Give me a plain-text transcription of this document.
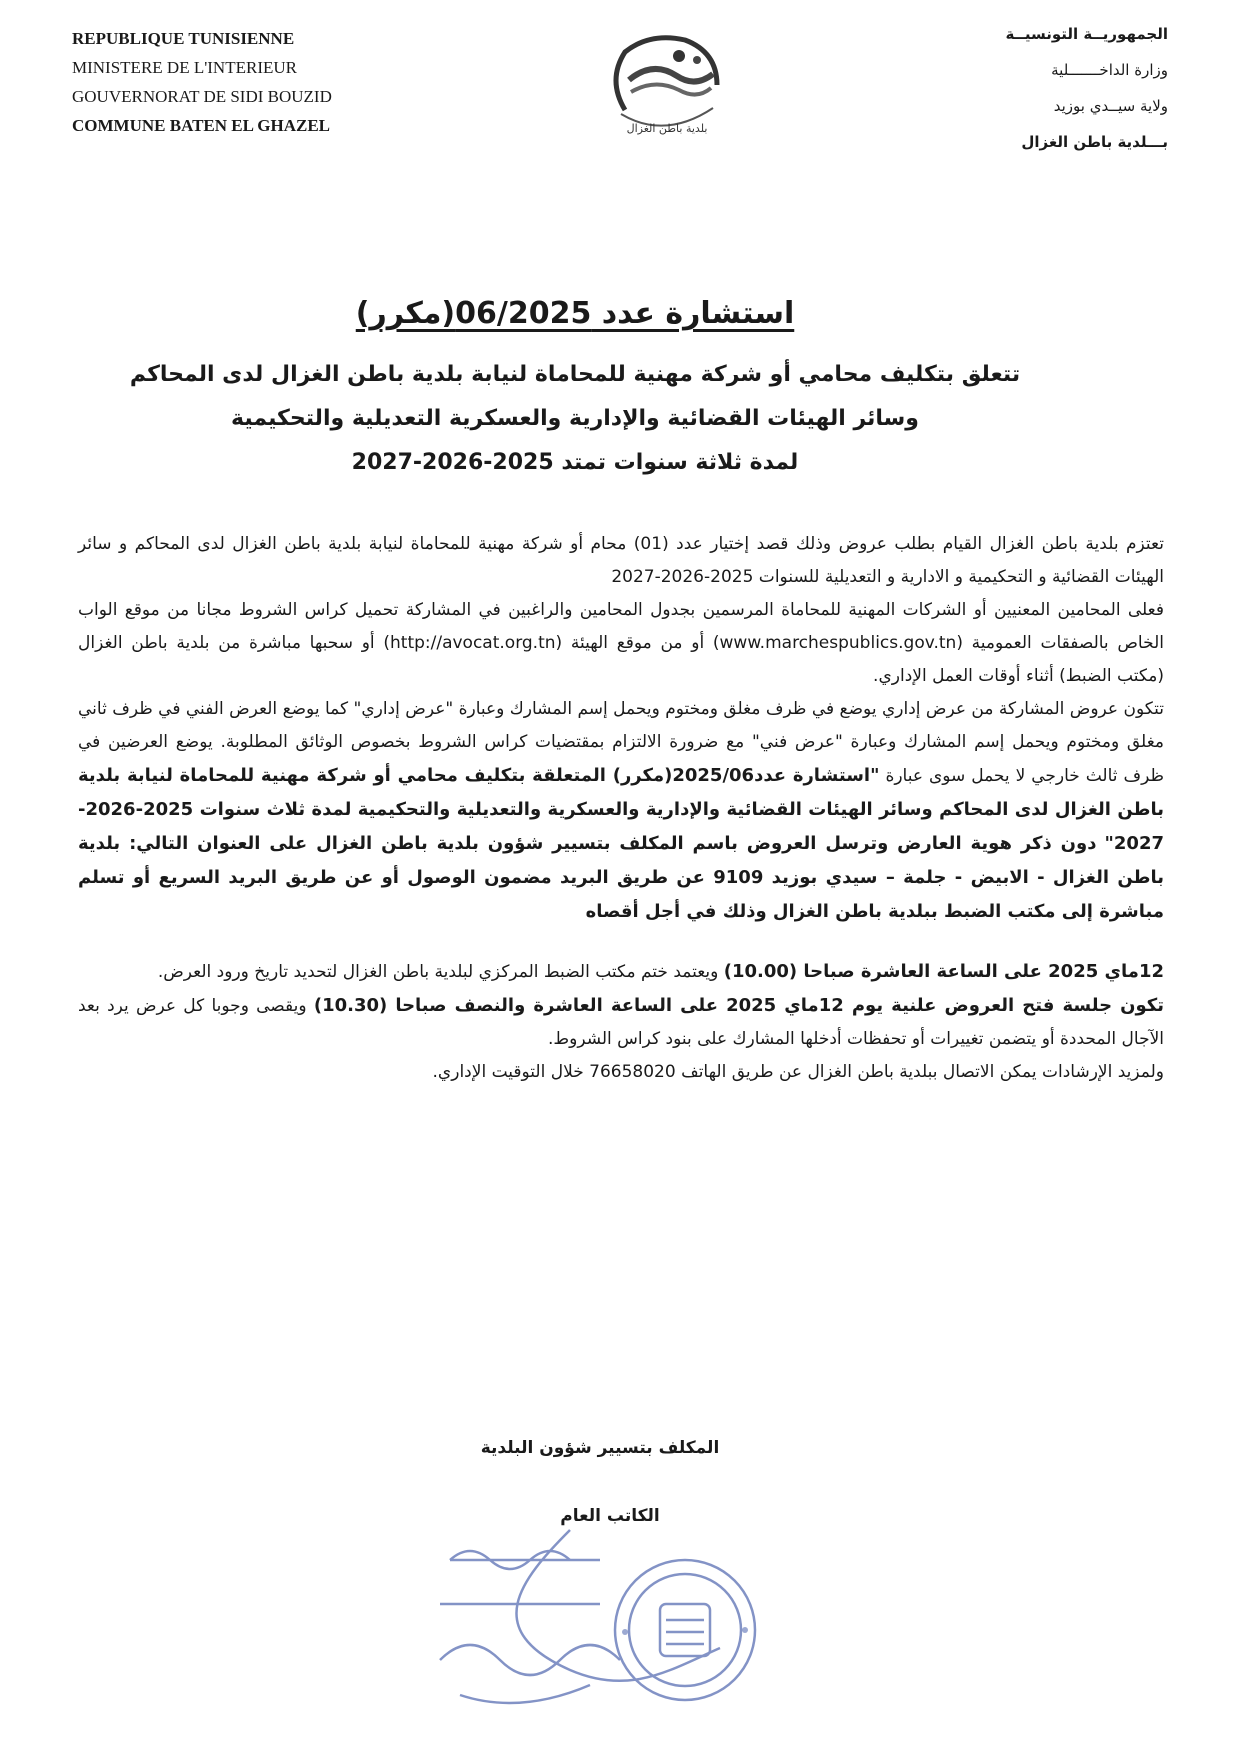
REPUBLIQUE TUNISIENNE
MINISTERE DE L'INTERIEUR
GOUVERNORAT DE SIDI BOUZID
COMMUNE BATEN EL GHAZEL	بلدية باطن الغزال
الجمهوريــة التونسيــة
وزارة الداخـــــــلية
ولاية سيــدي بوزيد
بـــلدية باطن الغزال
استشارة عدد 06/2025(مكرر)
تتعلق بتكليف محامي أو شركة مهنية للمحاماة لنيابة بلدية باطن الغزال لدى المحاكم
وسائر الهيئات القضائية والإدارية والعسكرية التعديلية والتحكيمية
لمدة ثلاثة سنوات تمتد 2025-2026-2027

تعتزم بلدية باطن الغزال القيام بطلب عروض وذلك قصد إختيار عدد (01) محام أو شركة مهنية للمحاماة لنيابة بلدية باطن الغزال لدى المحاكم و سائر الهيئات القضائية و التحكيمية و الادارية و التعديلية للسنوات 2025-2026-2027

فعلى المحامين المعنيين أو الشركات المهنية للمحاماة المرسمين بجدول المحامين والراغبين في المشاركة تحميل كراس الشروط مجانا من موقع الواب الخاص بالصفقات العمومية (www.marchespublics.gov.tn) أو من موقع الهيئة (http://avocat.org.tn) أو سحبها مباشرة من بلدية باطن الغزال (مكتب الضبط) أثناء أوقات العمل الإداري.

تتكون عروض المشاركة من عرض إداري يوضع في ظرف مغلق ومختوم ويحمل إسم المشارك وعبارة "عرض إداري" كما يوضع العرض الفني في ظرف ثاني مغلق ومختوم ويحمل إسم المشارك وعبارة "عرض فني" مع ضرورة الالتزام بمقتضيات كراس الشروط بخصوص الوثائق المطلوبة. يوضع العرضين في ظرف ثالث خارجي لا يحمل سوى عبارة "استشارة عدد2025/06(مكرر) المتعلقة بتكليف محامي أو شركة مهنية للمحاماة لنيابة بلدية باطن الغزال لدى المحاكم وسائر الهيئات القضائية والإدارية والعسكرية والتعديلية والتحكيمية لمدة ثلاث سنوات 2025-2026-2027" دون ذكر هوية العارض وترسل العروض باسم المكلف بتسيير شؤون بلدية باطن الغزال على العنوان التالي: بلدية باطن الغزال - الابيض - جلمة – سيدي بوزيد 9109 عن طريق البريد مضمون الوصول أو عن طريق البريد السريع أو تسلم مباشرة إلى مكتب الضبط ببلدية باطن الغزال وذلك في أجل أقصاه

12ماي 2025 على الساعة العاشرة صباحا (10.00) ويعتمد ختم مكتب الضبط المركزي لبلدية باطن الغزال لتحديد تاريخ ورود العرض.

تكون جلسة فتح العروض علنية يوم 12ماي 2025 على الساعة العاشرة والنصف صباحا (10.30) ويقصى وجوبا كل عرض يرد بعد الآجال المحددة أو يتضمن تغييرات أو تحفظات أدخلها المشارك على بنود كراس الشروط.

ولمزيد الإرشادات يمكن الاتصال ببلدية باطن الغزال عن طريق الهاتف 76658020 خلال التوقيت الإداري.

المكلف بتسيير شؤون البلدية
الكاتب العام
